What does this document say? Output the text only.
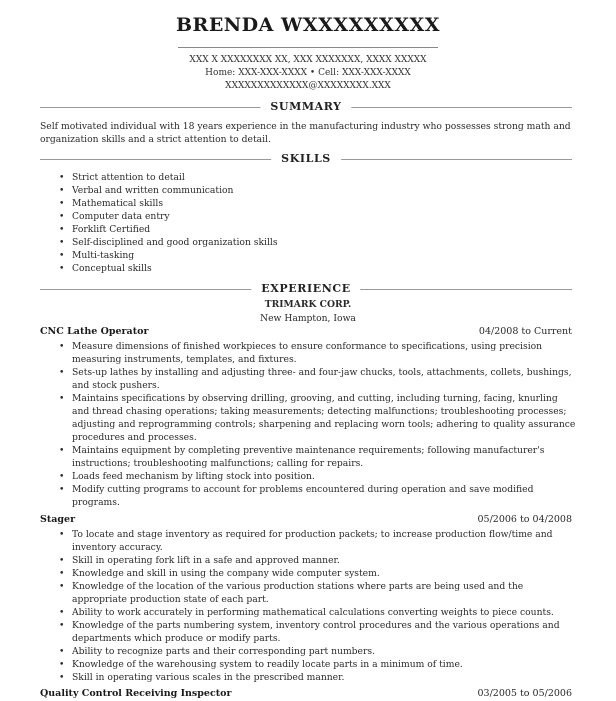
BRENDA WXXXXXXXXX
XXX X XXXXXXXX XX, XXX XXXXXXX, XXXX XXXXX
Home: XXX-XXX-XXXX • Cell: XXX-XXX-XXXX
XXXXXXXXXXXXX@XXXXXXXX.XXX
SUMMARY
Self motivated individual with 18 years experience in the manufacturing industry who possesses strong math and organization skills and a strict attention to detail.
SKILLS
• Strict attention to detail
• Verbal and written communication
• Mathematical skills
• Computer data entry
• Forklift Certified
• Self-disciplined and good organization skills
• Multi-tasking
• Conceptual skills
EXPERIENCE
TRIMARK CORP.
New Hampton, Iowa
CNC Lathe Operator	04/2008 to Current
• Measure dimensions of finished workpieces to ensure conformance to specifications, using precision measuring instruments, templates, and fixtures.
• Sets-up lathes by installing and adjusting three- and four-jaw chucks, tools, attachments, collets, bushings, and stock pushers.
• Maintains specifications by observing drilling, grooving, and cutting, including turning, facing, knurling and thread chasing operations; taking measurements; detecting malfunctions; troubleshooting processes; adjusting and reprogramming controls; sharpening and replacing worn tools; adhering to quality assurance procedures and processes.
• Maintains equipment by completing preventive maintenance requirements; following manufacturer's instructions; troubleshooting malfunctions; calling for repairs.
• Loads feed mechanism by lifting stock into position.
• Modify cutting programs to account for problems encountered during operation and save modified programs.
Stager	05/2006 to 04/2008
• To locate and stage inventory as required for production packets; to increase production flow/time and inventory accuracy.
• Skill in operating fork lift in a safe and approved manner.
• Knowledge and skill in using the company wide computer system.
• Knowledge of the location of the various production stations where parts are being used and the appropriate production state of each part.
• Ability to work accurately in performing mathematical calculations converting weights to piece counts.
• Knowledge of the parts numbering system, inventory control procedures and the various operations and departments which produce or modify parts.
• Ability to recognize parts and their corresponding part numbers.
• Knowledge of the warehousing system to readily locate parts in a minimum of time.
• Skill in operating various scales in the prescribed manner.
Quality Control Receiving Inspector	03/2005 to 05/2006
